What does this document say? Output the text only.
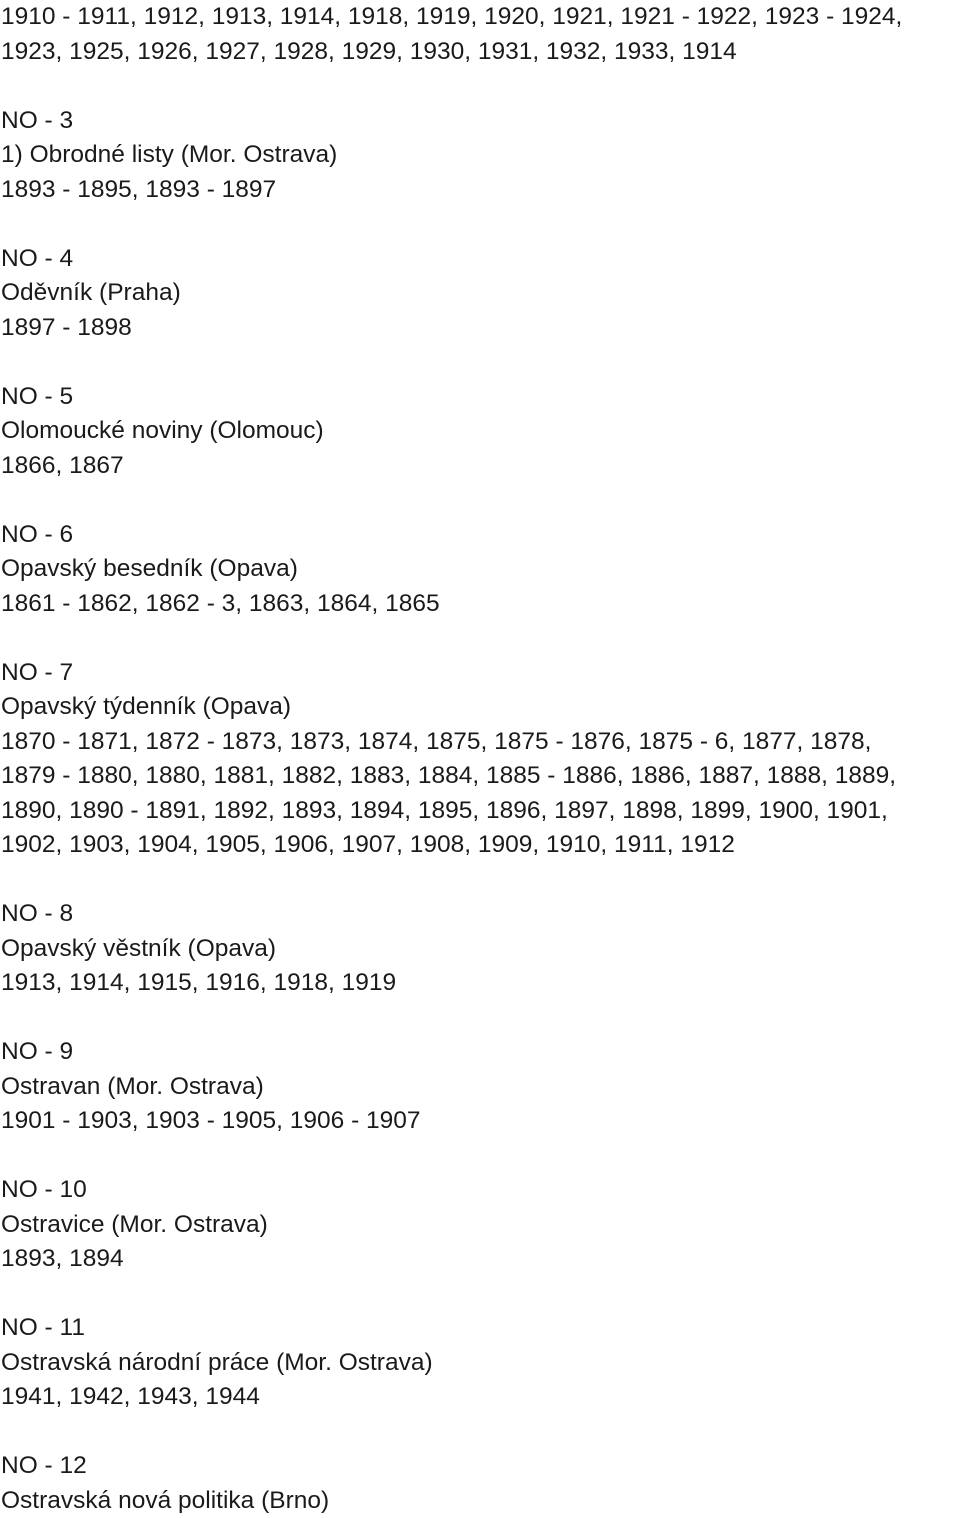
1910 - 1911, 1912, 1913, 1914, 1918, 1919, 1920, 1921, 1921 - 1922, 1923 - 1924,
1923, 1925, 1926, 1927, 1928, 1929, 1930, 1931, 1932, 1933, 1914
NO - 3
1) Obrodné listy (Mor. Ostrava)
1893 - 1895, 1893 - 1897
NO - 4
Oděvník (Praha)
1897 - 1898
NO - 5
Olomoucké noviny (Olomouc)
1866, 1867
NO - 6
Opavský besedník (Opava)
1861 - 1862, 1862 - 3, 1863, 1864, 1865
NO - 7
Opavský týdenník (Opava)
1870 - 1871, 1872 - 1873, 1873, 1874, 1875, 1875 - 1876, 1875 - 6, 1877, 1878,
1879 - 1880, 1880, 1881, 1882, 1883, 1884, 1885 - 1886, 1886, 1887, 1888, 1889,
1890, 1890 - 1891, 1892, 1893, 1894, 1895, 1896, 1897, 1898, 1899, 1900, 1901,
1902, 1903, 1904, 1905, 1906, 1907, 1908, 1909, 1910, 1911, 1912
NO - 8
Opavský věstník (Opava)
1913, 1914, 1915, 1916, 1918, 1919
NO - 9
Ostravan (Mor. Ostrava)
1901 - 1903, 1903 - 1905, 1906 - 1907
NO - 10
Ostravice (Mor. Ostrava)
1893, 1894
NO - 11
Ostravská národní práce (Mor. Ostrava)
1941, 1942, 1943, 1944
NO - 12
Ostravská nová politika (Brno)
